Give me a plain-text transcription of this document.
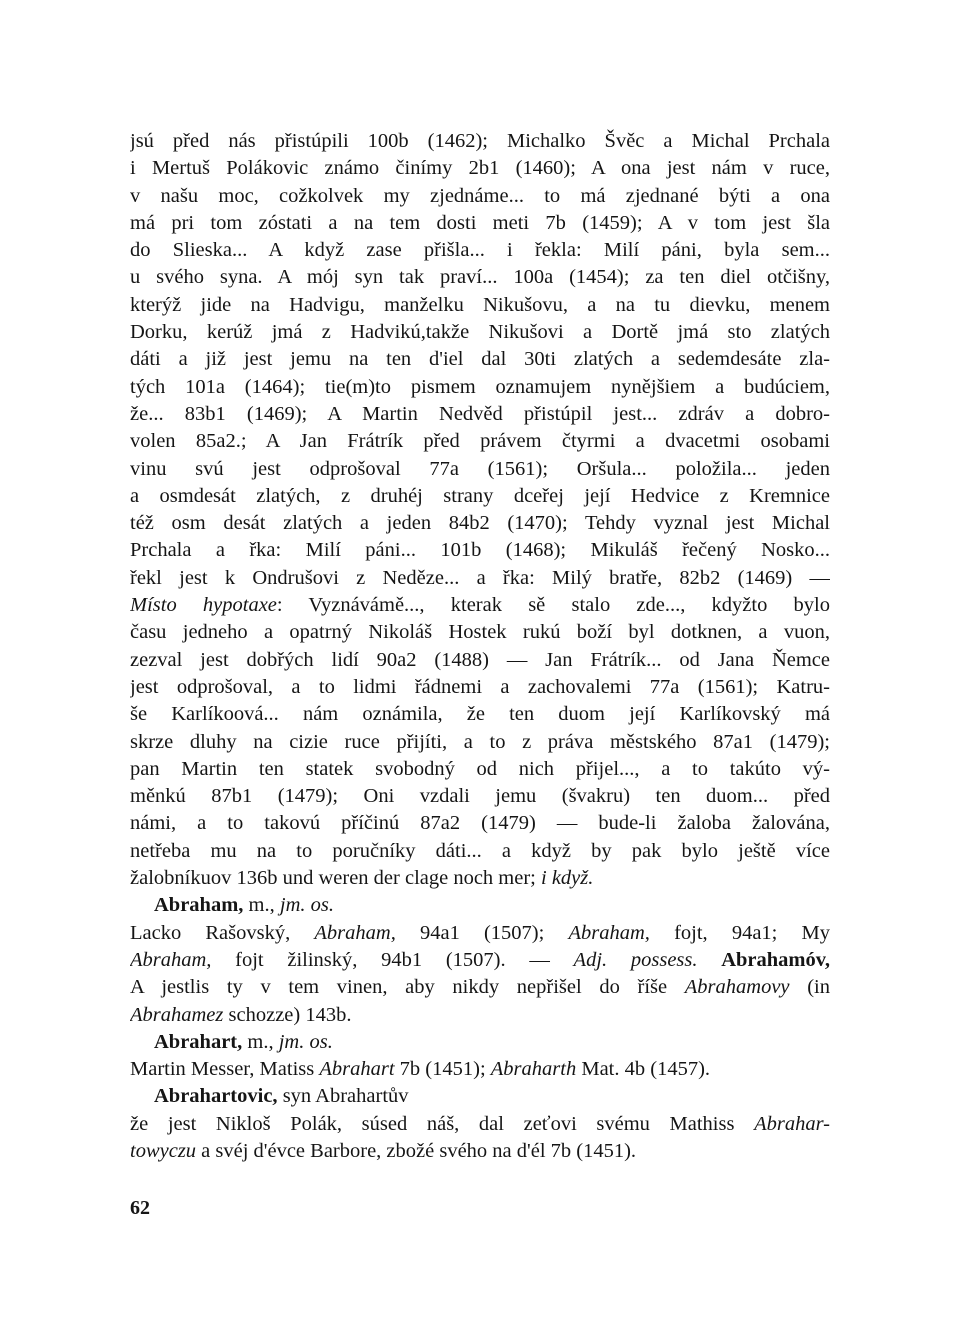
jsú před nás přistúpili 100b (1462); Michalko Švěc a Michal Prchala
i Mertuš Polákovic známo činímy 2b1 (1460); A ona jest nám v ruce,
v našu moc, cožkolvek my zjednáme... to má zjednané býti a ona
má pri tom zóstati a na tem dosti meti 7b (1459); A v tom jest šla
do Slieska... A když zase přišla... i řekla: Milí páni, byla sem...
u svého syna. A mój syn tak praví... 100a (1454); za ten diel otčišny,
kterýž jide na Hadvigu, manželku Nikušovu, a na tu dievku, menem
Dorku, kerúž jmá z Hadvikú,takže Nikušovi a Dortě jmá sto zlatých
dáti a již jest jemu na ten d'iel dal 30ti zlatých a sedemdesáte zla-
tých 101a (1464); tie(m)to pismem oznamujem nynějšiem a budúciem,
že... 83b1 (1469); A Martin Nedvěd přistúpil jest... zdráv a dobro-
volen 85a2.; A Jan Frátrík před právem čtyrmi a dvacetmi osobami
vinu svú jest odprošoval 77a (1561); Oršula... položila... jeden
a osmdesát zlatých, z druhéj strany dceřej její Hedvice z Kremnice
též osm desát zlatých a jeden 84b2 (1470); Tehdy vyznal jest Michal
Prchala a řka: Milí páni... 101b (1468); Mikuláš řečený Nosko...
řekl jest k Ondrušovi z Neděze... a řka: Milý bratře, 82b2 (1469) —
Místo hypotaxe: Vyznávámě..., kterak sě stalo zde..., kdyžto bylo
času jedneho a opatrný Nikoláš Hostek rukú boží byl dotknen, a vuon,
zezval jest dobřých lidí 90a2 (1488) — Jan Frátrík... od Jana Ňemce
jest odprošoval, a to lidmi řádnemi a zachovalemi 77a (1561); Katru-
še Karlíkoová... nám oznámila, že ten duom její Karlíkovský má
skrze dluhy na cizie ruce přijíti, a to z práva městského 87a1 (1479);
pan Martin ten statek svobodný od nich přijel..., a to takúto vý-
měnkú 87b1 (1479); Oni vzdali jemu (švakru) ten duom... před
námi, a to takovú příčinú 87a2 (1479) — bude-li žaloba žalována,
netřeba mu na to poručníky dáti... a když by pak bylo ještě více
žalobníkuov 136b und weren der clage noch mer; i když.
Abraham, m., jm. os.
Lacko Rašovský, Abraham, 94a1 (1507); Abraham, fojt, 94a1; My
Abraham, fojt žilinský, 94b1 (1507). — Adj. possess. Abrahamóv,
A jestlis ty v tem vinen, aby nikdy nepřišel do říše Abrahamovy (in
Abrahamez schozze) 143b.
Abrahart, m., jm. os.
Martin Messer, Matiss Abrahart 7b (1451); Abraharth Mat. 4b (1457).
Abrahartovic, syn Abrahartův
že jest Nikloš Polák, súsed náš, dal zeťovi svému Mathiss Abrahar-
towyczu a svéj d'évce Barbore, zbožé svého na d'él 7b (1451).
62
